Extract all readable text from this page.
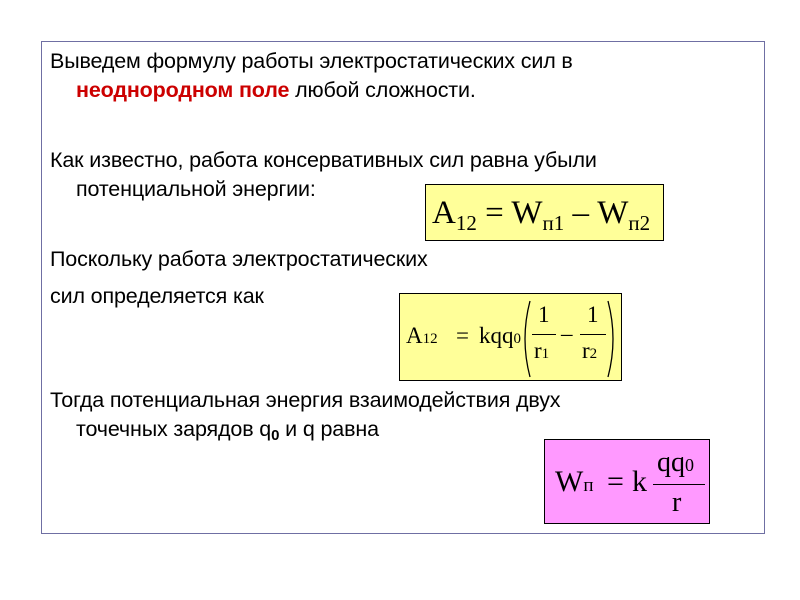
Выведем формулу работы электростатических сил в
неоднородном поле любой сложности.
Как известно, работа консервативных сил равна убыли
потенциальной энергии:
Поскольку работа электростатических
сил определяется как
Тогда потенциальная энергия взаимодействия двух
точечных зарядов $q_0$ и q равна
$A_{12} = W_{п1} - W_{п2}$
A12 = kqq0
1
r1
–
1
r2
Wп = k
qq0
r
